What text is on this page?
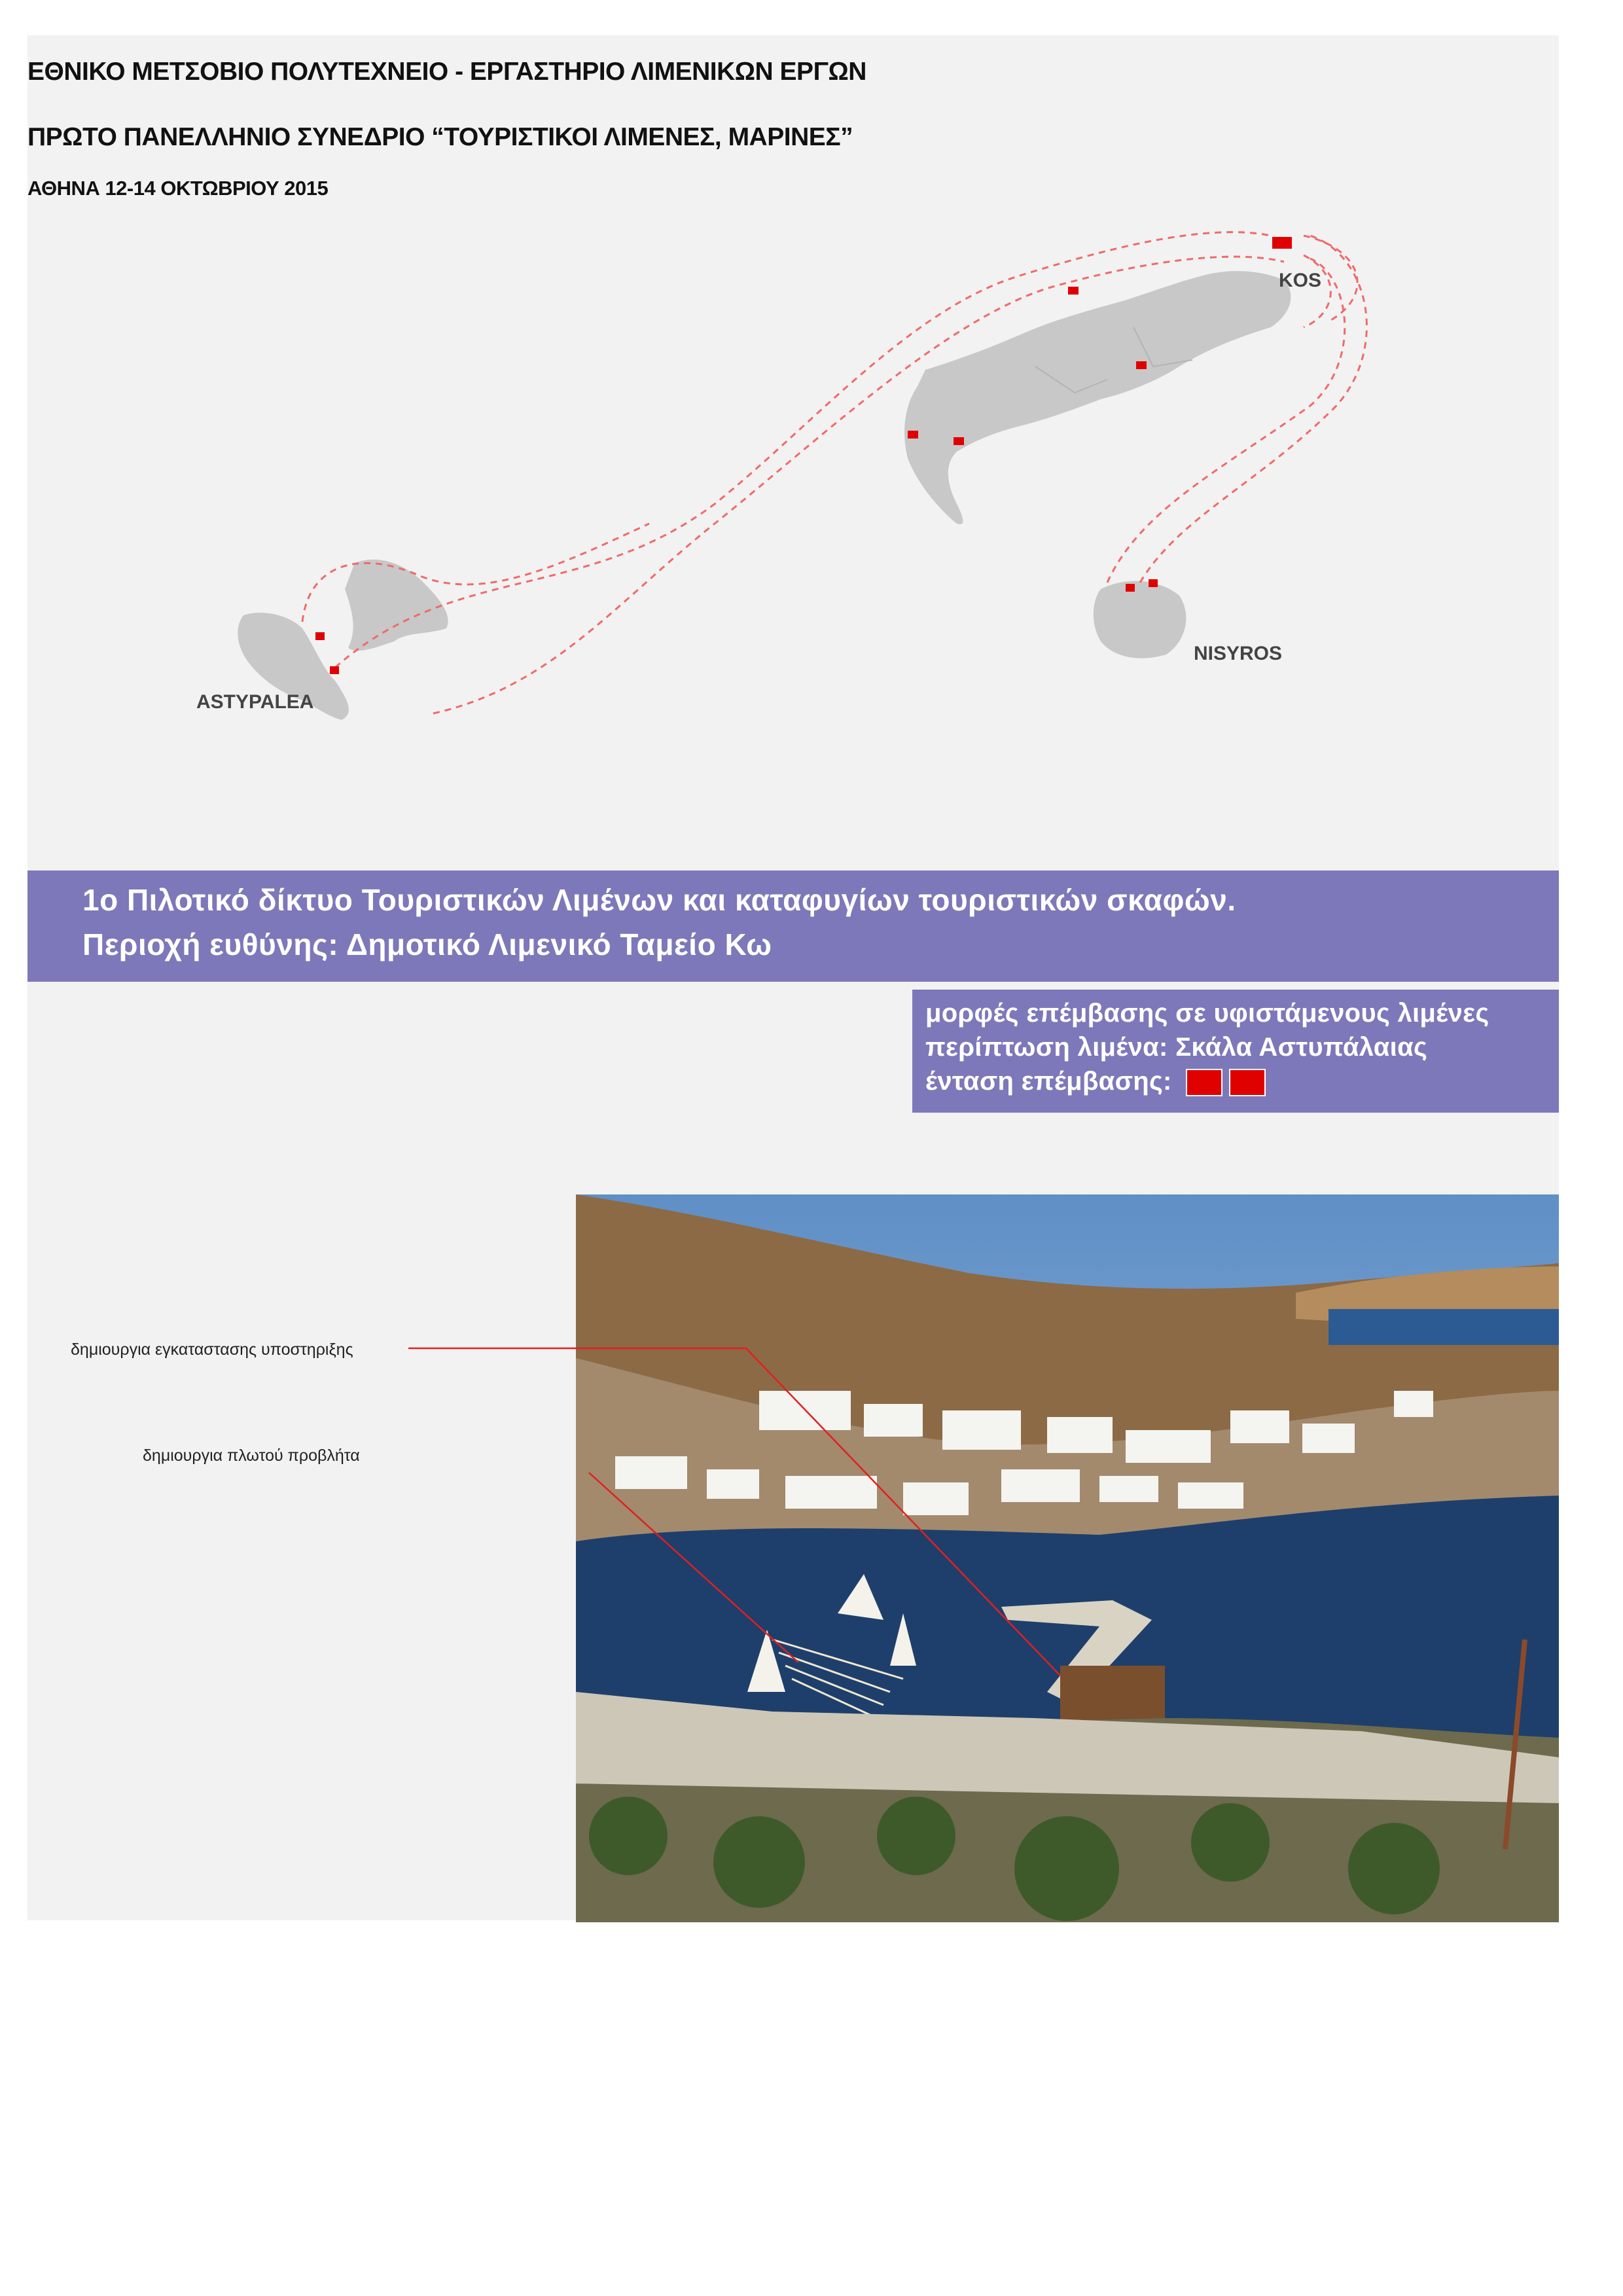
ΕΘΝΙΚΟ ΜΕΤΣΟΒΙΟ ΠΟΛΥΤΕΧΝΕΙΟ - ΕΡΓΑΣΤΗΡΙΟ ΛΙΜΕΝΙΚΩΝ ΕΡΓΩΝ
ΠΡΩΤΟ ΠΑΝΕΛΛΗΝΙΟ ΣΥΝΕΔΡΙΟ “ΤΟΥΡΙΣΤΙΚΟΙ ΛΙΜΕΝΕΣ, ΜΑΡΙΝΕΣ”
ΑΘΗΝΑ 12-14 ΟΚΤΩΒΡΙΟΥ 2015
KOS
NISYROS
ASTYPALEA
1ο Πιλοτικό δίκτυο Τουριστικών Λιμένων και καταφυγίων τουριστικών σκαφών.
Περιοχή ευθύνης: Δημοτικό Λιμενικό Ταμείο Κω
μορφές επέμβασης σε υφιστάμενους λιμένες
περίπτωση λιμένα: Σκάλα Αστυπάλαιας
ένταση επέμβασης:
δημιουργια εγκαταστασης υποστηριξης
δημιουργια πλωτού προβλήτα
